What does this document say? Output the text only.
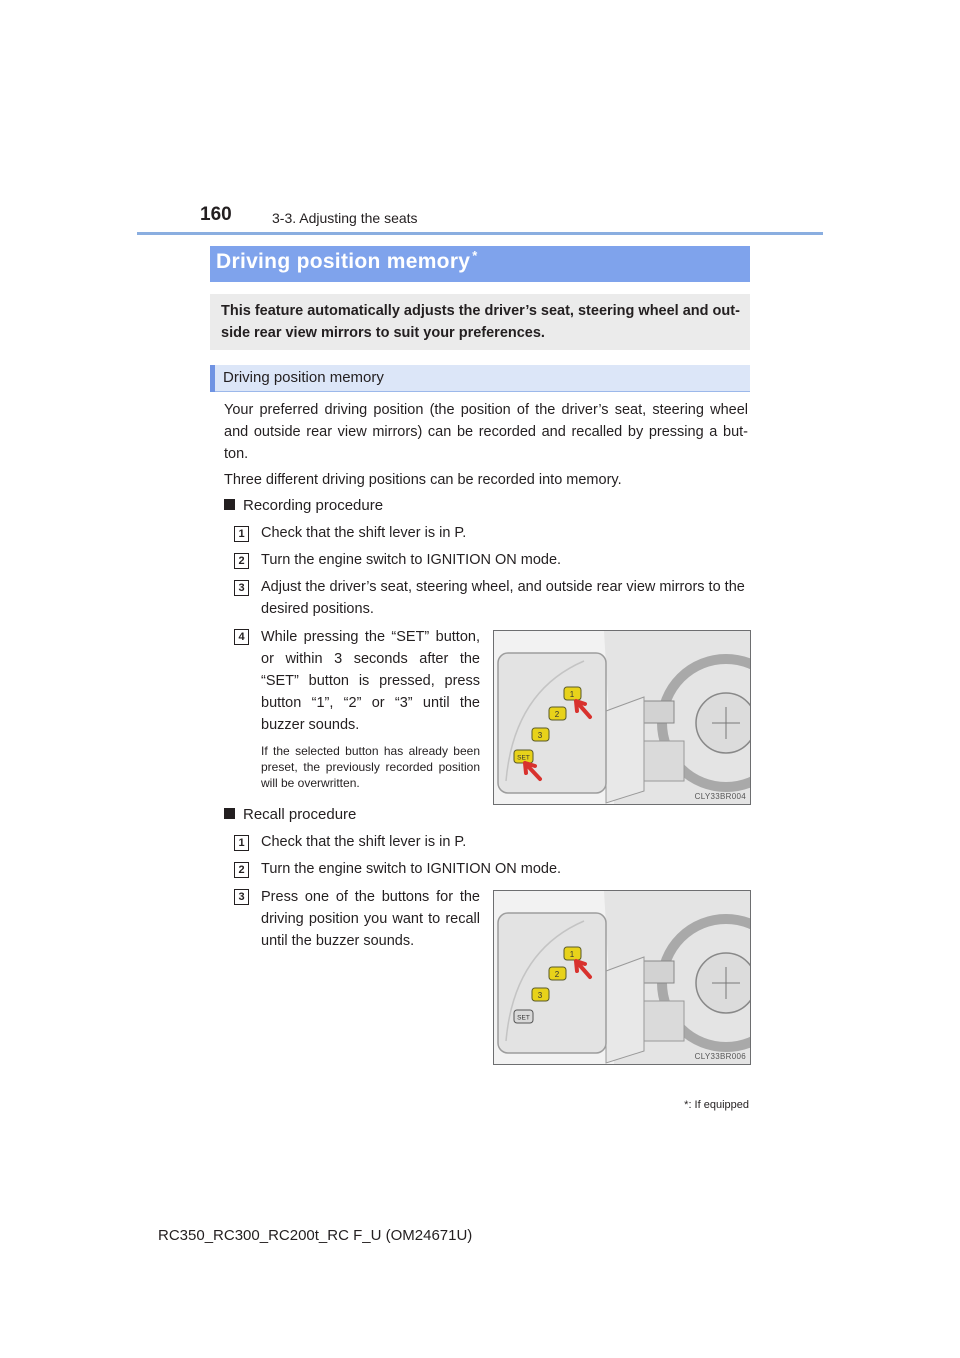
160	3-3. Adjusting the seats
Driving position memory *
This feature automatically adjusts the driver’s seat, steering wheel and out-side rear view mirrors to suit your preferences.
Driving position memory
Your preferred driving position (the position of the driver’s seat, steering wheel and outside rear view mirrors) can be recorded and recalled by pressing a but-ton.
Three different driving positions can be recorded into memory.
Recording procedure
1	Check that the shift lever is in P.
2	Turn the engine switch to IGNITION ON mode.
3	Adjust the driver’s seat, steering wheel, and outside rear view mirrors to the desired positions.
4	While pressing the “SET” button, or within 3 seconds after the “SET” button is pressed, press button “1”, “2” or “3” until the buzzer sounds.
If the selected button has already been preset, the previously recorded position will be overwritten.
1
2
3
SET
CLY33BR004
Recall procedure
1	Check that the shift lever is in P.
2	Turn the engine switch to IGNITION ON mode.
3	Press one of the buttons for the driving position you want to recall until the buzzer sounds.
1
2
3
SET
CLY33BR006
*: If equipped
RC350_RC300_RC200t_RC F_U (OM24671U)
